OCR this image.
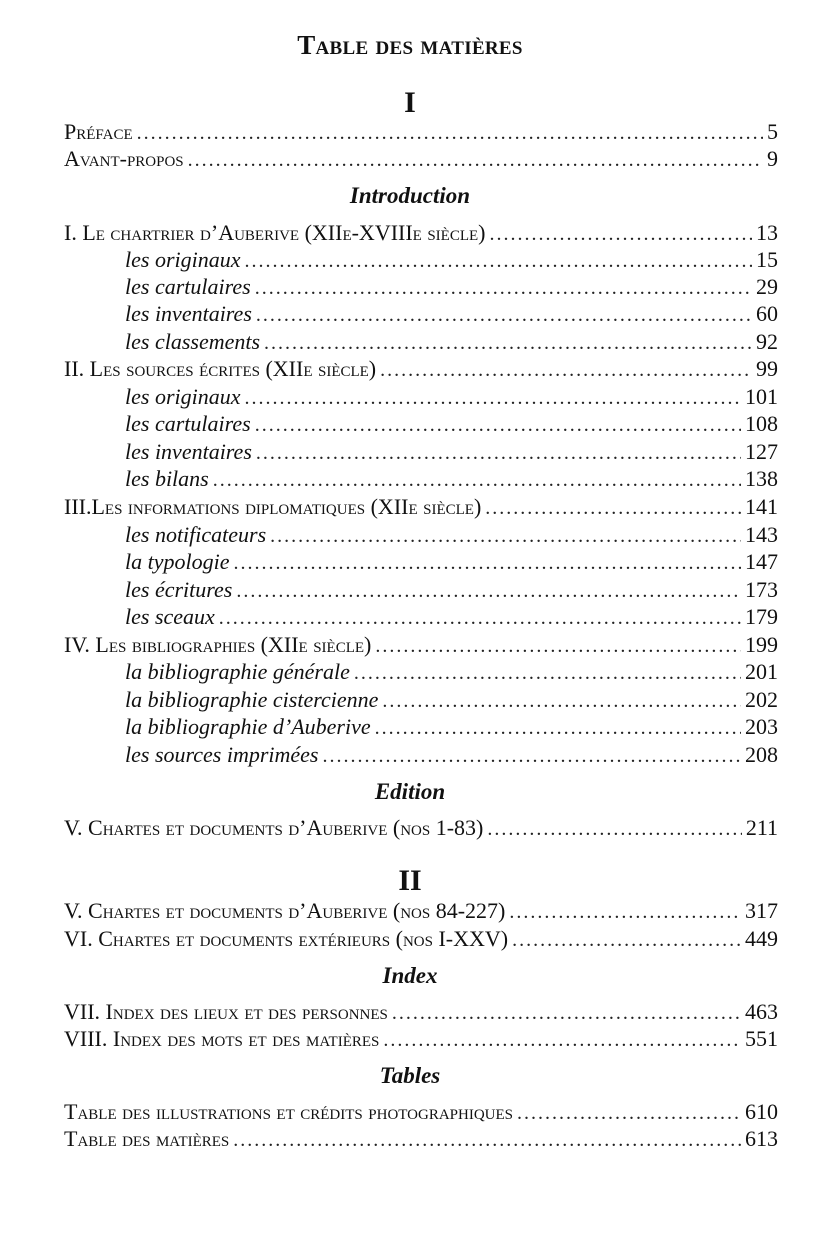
Table des matières
I
Préface .....	5
Avant-propos .....	9
Introduction
I. Le chartrier d’Auberive (XIIe-XVIIIe siècle) .....	13
les originaux .....	15
les cartulaires .....	29
les inventaires .....	60
les classements .....	92
II. Les sources écrites (XIIe siècle) .....	99
les originaux .....	101
les cartulaires .....	108
les inventaires .....	127
les bilans .....	138
III.Les informations diplomatiques (XIIe siècle) .....	141
les notificateurs .....	143
la typologie .....	147
les écritures .....	173
les sceaux .....	179
IV. Les bibliographies (XIIe siècle) .....	199
la bibliographie générale .....	201
la bibliographie cistercienne .....	202
la bibliographie d’Auberive .....	203
les sources imprimées .....	208
Edition
V. Chartes et documents d’Auberive (nos 1-83) .....	211
II
V. Chartes et documents d’Auberive (nos 84-227) .....	317
VI. Chartes et documents extérieurs (nos I-XXV) .....	449
Index
VII. Index des lieux et des personnes .....	463
VIII. Index des mots et des matières .....	551
Tables
Table des illustrations et crédits photographiques .....	610
Table des matières .....	613
